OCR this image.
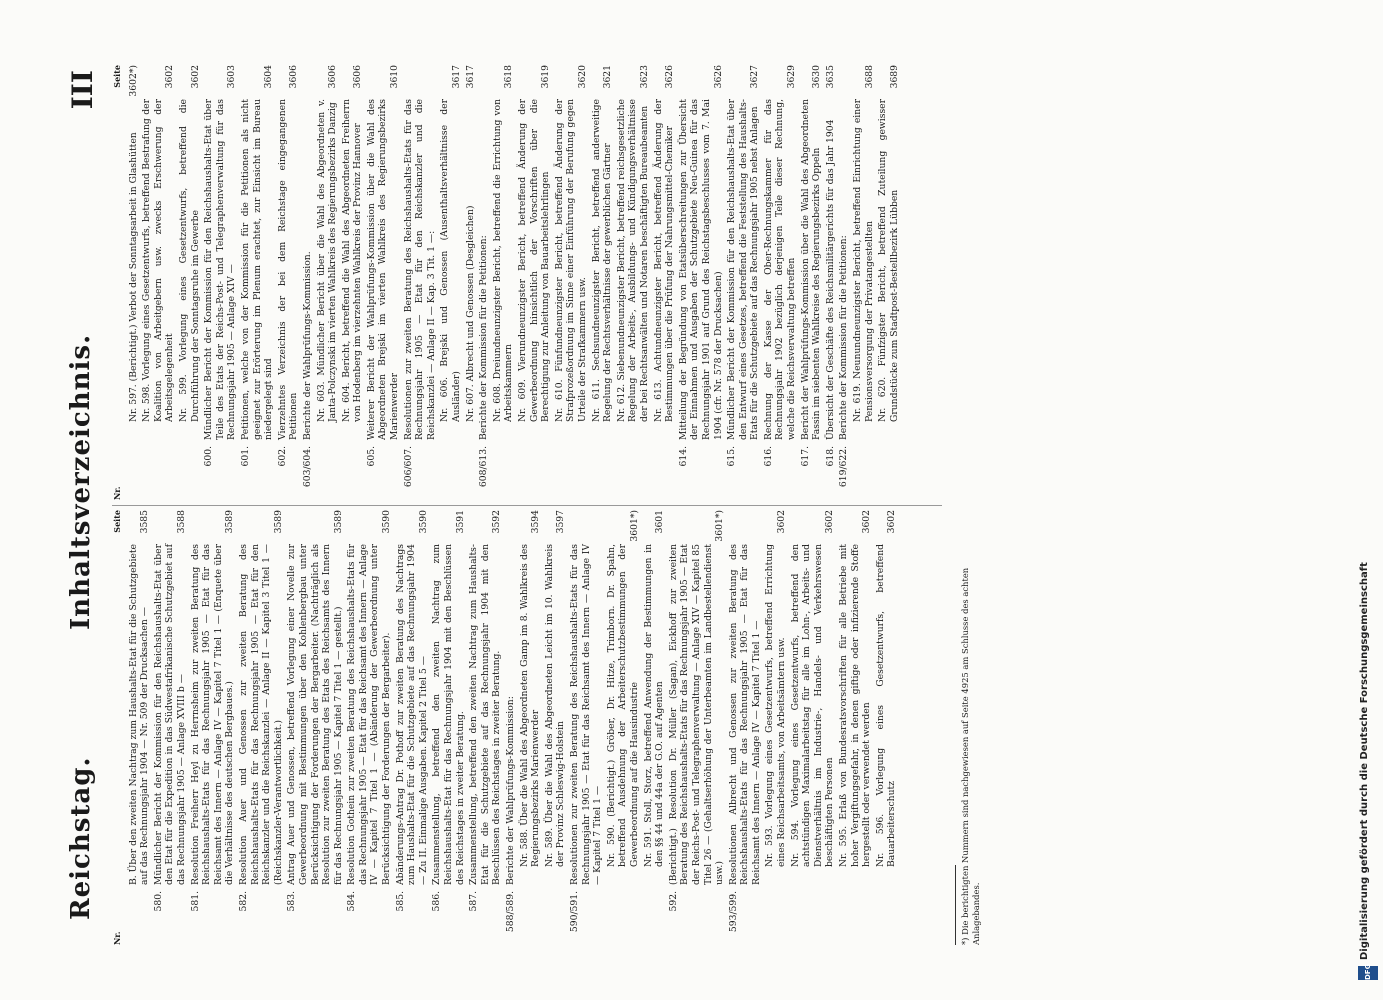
Reichstag.
Inhaltsverzeichnis.
III
Nr.
Seite
B. Über den zweiten Nachtrag zum Haushalts-Etat für die Schutzgebiete auf das Rechnungsjahr 1904 — Nr. 509 der Drucksachen —
3585
580.
Mündlicher Bericht der Kommission für den Reichshaushalts-Etat über den Etat für die Expedition in das Südwestafrikanische Schutzgebiet auf das Rechnungsjahr 1905 — Anlage XVIII b —
3588
581.
Resolution Freiherr Heyl zu Herrnsheim zur zweiten Beratung des Reichshaushalts-Etats für das Rechnungsjahr 1905 — Etat für das Reichsamt des Innern — Anlage IV — Kapitel 7 Titel 1 — (Enquete über die Verhältnisse des deutschen Bergbaues.)
3589
582.
Resolution Auer und Genossen zur zweiten Beratung des Reichshaushalts-Etats für das Rechnungsjahr 1905 — Etat für den Reichskanzler und die Reichskanzlei — Anlage II — Kapitel 3 Titel 1 — (Reichskanzler-Verantwortlichkeit.)
3589
583.
Antrag Auer und Genossen, betreffend Vorlegung einer Novelle zur Gewerbeordnung mit Bestimmungen über den Kohlenbergbau unter Berücksichtigung der Forderungen der Bergarbeiter. (Nachträglich als Resolution zur zweiten Beratung des Etats des Reichsamts des Innern für das Rechnungsjahr 1905 — Kapitel 7 Titel 1 — gestellt.)
3589
584.
Resolution Gothein zur zweiten Beratung des Reichshaushalts-Etats für das Rechnungsjahr 1905 — Etat für das Reichsamt des Innern — Anlage IV — Kapitel 7 Titel 1 — (Abänderung der Gewerbeordnung unter Berücksichtigung der Forderungen der Bergarbeiter).
3590
585.
Abänderungs-Antrag Dr. Pothoff zur zweiten Beratung des Nachtrags zum Haushalts-Etat für die Schutzgebiete auf das Rechnungsjahr 1904 — Zu II. Einmalige Ausgaben. Kapitel 2 Titel 5 —
3590
586.
Zusammenstellung, betreffend den zweiten Nachtrag zum Reichshaushalts-Etat für das Rechnungsjahr 1904 mit den Beschlüssen des Reichstages in zweiter Beratung.
3591
587.
Zusammenstellung, betreffend den zweiten Nachtrag zum Haushalts-Etat für die Schutzgebiete auf das Rechnungsjahr 1904 mit den Beschlüssen des Reichstages in zweiter Beratung.
3592
588/589.
Berichte der Wahlprüfungs-Kommission: Nr. 588. Über die Wahl des Abgeordneten Gamp im 8. Wahlkreis des Regierungsbezirks Marienwerder
3594
Nr. 589. Über die Wahl des Abgeordneten Leicht im 10. Wahlkreis der Provinz Schleswig-Holstein
3597
590/591.
Resolutionen zur zweiten Beratung des Reichshaushalts-Etats für das Rechnungsjahr 1905 — Etat für das Reichsamt des Innern — Anlage IV — Kapitel 7 Titel 1 — Nr. 590. (Berichtigt.) Gröber, Dr. Hitze, Trimborn. Dr. Spahn, betreffend Ausdehnung der Arbeiterschutzbestimmungen der Gewerbeordnung auf die Hausindustrie
3601*)
Nr. 591. Stoll, Storz, betreffend Anwendung der Bestimmungen in den §§ 44 und 44a der G.O. auf Agenten
3601
592.
(Berichtigt.) Resolution Dr. Müller (Sagan), Eickhoff zur zweiten Beratung des Reichshaushalts-Etats für das Rechnungsjahr 1905 — Etat der Reichs-Post- und Telegraphenverwaltung — Anlage XIV — Kapitel 85 Titel 26 — (Gehaltserhöhung der Unterbeamten im Landbestellendienst usw.)
3601*)
593/599.
Resolutionen Albrecht und Genossen zur zweiten Beratung des Reichshaushalts-Etats für das Rechnungsjahr 1905 — Etat für das Reichsamt des Innern — Anlage IV — Kapitel 7 Titel 1 — Nr. 593. Vorlegung eines Gesetzentwurfs, betreffend Errichtung eines Reichsarbeitsamts, von Arbeitsämtern usw.
3602
Nr. 594. Vorlegung eines Gesetzentwurfs, betreffend den achtstündigen Maximalarbeitstag für alle im Lohn-, Arbeits- und Dienstverhältnis im Industrie-, Handels- und Verkehrswesen beschäftigten Personen
3602
Nr. 595. Erlaß von Bundesratsvorschriften für alle Betriebe mit hoher Vergiftungsgefahr, in denen giftige oder infizierende Stoffe hergestellt oder verwendet werden
3602
Nr. 596. Vorlegung eines Gesetzentwurfs, betreffend Bauarbeiterschutz
3602
Nr.
Seite
Nr. 597. (Berichtigt.) Verbot der Sonntagsarbeit in Glashütten
3602*)
Nr. 598. Vorlegung eines Gesetzentwurfs, betreffend Bestrafung der Koalition von Arbeitgebern usw. zwecks Erschwerung der Arbeitsgelegenheit
3602
Nr. 599. Vorlegung eines Gesetzentwurfs, betreffend die Durchführung der Sonntagsruhe im Gewerbe
3602
600.
Mündlicher Bericht der Kommission für den Reichshaushalts-Etat über Teile des Etats der Reichs-Post- und Telegraphenverwaltung für das Rechnungsjahr 1905 — Anlage XIV —
3603
601.
Petitionen, welche von der Kommission für die Petitionen als nicht geeignet zur Erörterung im Plenum erachtet, zur Einsicht im Bureau niedergelegt sind
3604
602.
Vierzehntes Verzeichnis der bei dem Reichstage eingegangenen Petitionen
3606
603/604.
Berichte der Wahlprüfungs-Kommission. Nr. 603. Mündlicher Bericht über die Wahl des Abgeordneten v. Janta-Polczynski im vierten Wahlkreis des Regierungsbezirks Danzig
3606
Nr. 604. Bericht, betreffend die Wahl des Abgeordneten Freiherrn von Hodenberg im vierzehnten Wahlkreis der Provinz Hannover
3606
605.
Weiterer Bericht der Wahlprüfungs-Kommission über die Wahl des Abgeordneten Brejski im vierten Wahlkreis des Regierungsbezirks Marienwerder
3610
606/607.
Resolutionen zur zweiten Beratung des Reichshaushalts-Etats für das Rechnungsjahr 1905 — Etat für den Reichskanzler und die Reichskanzlei — Anlage II — Kap. 3 Tit. 1 —: Nr. 606. Brejski und Genossen (Ausenthaltsverhältnisse der Ausländer)
3617
Nr. 607. Albrecht und Genossen (Desgleichen)
3617
608/613.
Berichte der Kommission für die Petitionen: Nr. 608. Dreiundneunzigster Bericht, betreffend die Errichtung von Arbeitskammern
3618
Nr. 609. Vierundneunzigster Bericht, betreffend Änderung der Gewerbeordnung hinsichtlich der Vorschriften über die Berechtigung zur Anleitung von Bauarbeitslehrlingen
3619
Nr. 610. Fünfundneunzigster Bericht, betreffend Änderung der Strafprozeßordnung im Sinne einer Einführung der Berufung gegen Urteile der Strafkammern usw.
3620
Nr. 611. Sechsundneunzigster Bericht, betreffend anderweitige Regelung der Rechtsverhältnisse der gewerblichen Gärtner
3621
Nr. 612. Siebenundneunzigster Bericht, betreffend reichsgesetzliche Regelung der Arbeits-, Ausbildungs- und Kündigungsverhältnisse der bei Rechtsanwälten und Notaren beschäftigten Bureaubeamten
3623
Nr. 613. Achtundneunzigster Bericht, betreffend Änderung der Bestimmungen über die Prüfung der Nahrungsmittel-Chemiker
3626
614.
Mitteilung der Begründung von Etatsüberschreitungen zur Übersicht der Einnahmen und Ausgaben der Schutzgebiete Neu-Guinea für das Rechnungsjahr 1901 auf Grund des Reichstagsbeschlusses vom 7. Mai 1904 (cfr. Nr. 578 der Drucksachen)
3626
615.
Mündlicher Bericht der Kommission für den Reichshaushalts-Etat über den Entwurf eines Gesetzes, betreffend die Feststellung des Haushalts-Etats für die Schutzgebiete auf das Rechnungsjahr 1905 nebst Anlagen
3627
616.
Rechnung der Kasse der Ober-Rechnungskammer für das Rechnungsjahr 1902 bezüglich derjenigen Teile dieser Rechnung, welche die Reichsverwaltung betreffen
3629
617.
Bericht der Wahlprüfungs-Kommission über die Wahl des Abgeordneten Fassin im siebenten Wahlkreise des Regierungsbezirks Oppeln
3630
618.
Übersicht der Geschäfte des Reichsmilitärgerichts für das Jahr 1904
3635
619/622.
Berichte der Kommission für die Petitionen: Nr. 619. Neunundneunzigster Bericht, betreffend Einrichtung einer Pensionsversorgung der Privatangestellten
3688
Nr. 620. Fünfzigster Bericht, betreffend Zuteilung gewisser Grundstücke zum Stadtpost-Bestellbezirk Lübben
3689
*) Die berichtigten Nummern sind nachgewiesen auf Seite 4925 am Schlusse des achten Anlagebandes.
DFG
Digitalisierung gefördert durch die Deutsche Forschungsgemeinschaft
